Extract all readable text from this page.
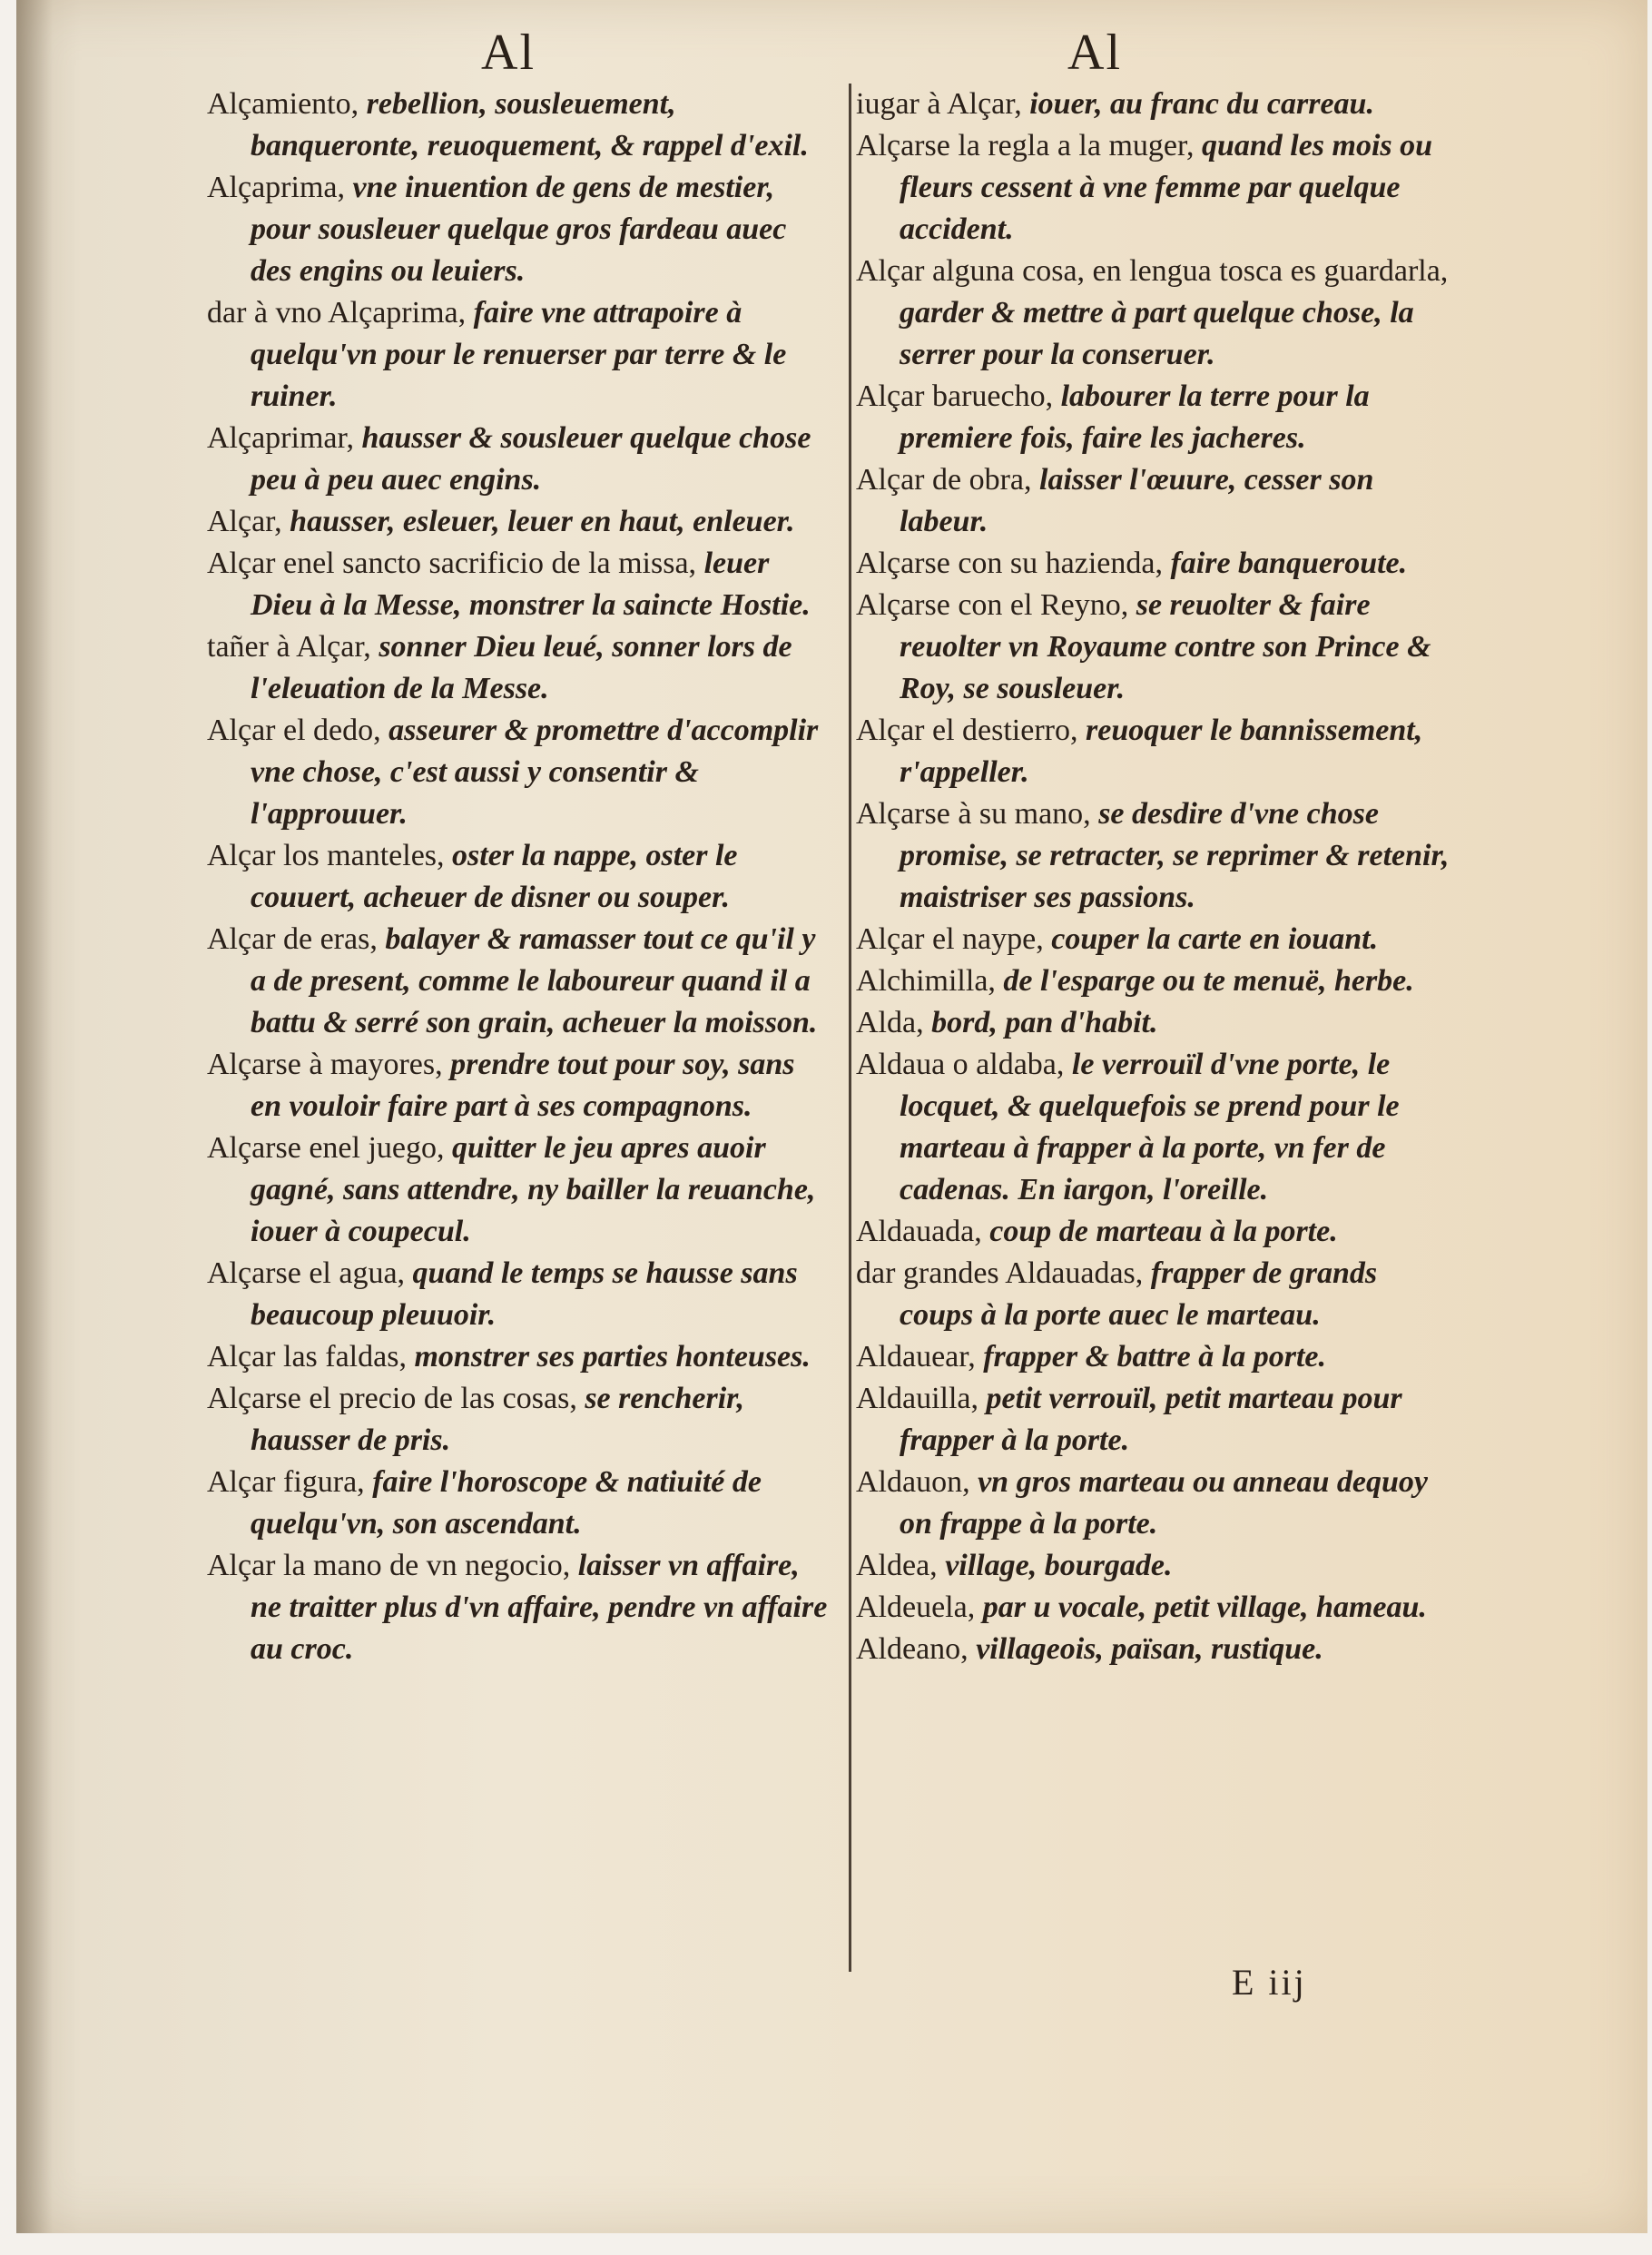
Al	Al

Alçamiento, rebellion, sousleuement, banqueronte, reuoquement, & rappel d'exil.

Alçaprima, vne inuention de gens de mestier, pour sousleuer quelque gros fardeau auec des engins ou leuiers.

dar à vno Alçaprima, faire vne attrapoire à quelqu'vn pour le renuerser par terre & le ruiner.

Alçaprimar, hausser & sousleuer quelque chose peu à peu auec engins.

Alçar, hausser, esleuer, leuer en haut, enleuer.

Alçar enel sancto sacrificio de la missa, leuer Dieu à la Messe, monstrer la saincte Hostie.

tañer à Alçar, sonner Dieu leué, sonner lors de l'eleuation de la Messe.

Alçar el dedo, asseurer & promettre d'accomplir vne chose, c'est aussi y consentir & l'approuuer.

Alçar los manteles, oster la nappe, oster le couuert, acheuer de disner ou souper.

Alçar de eras, balayer & ramasser tout ce qu'il y a de present, comme le laboureur quand il a battu & serré son grain, acheuer la moisson.

Alçarse à mayores, prendre tout pour soy, sans en vouloir faire part à ses compagnons.

Alçarse enel juego, quitter le jeu apres auoir gagné, sans attendre, ny bailler la reuanche, iouer à coupecul.

Alçarse el agua, quand le temps se hausse sans beaucoup pleuuoir.

Alçar las faldas, monstrer ses parties honteuses.

Alçarse el precio de las cosas, se rencherir, hausser de pris.

Alçar figura, faire l'horoscope & natiuité de quelqu'vn, son ascendant.

Alçar la mano de vn negocio, laisser vn affaire, ne traitter plus d'vn affaire, pendre vn affaire au croc.

iugar à Alçar, iouer, au franc du carreau.

Alçarse la regla a la muger, quand les mois ou fleurs cessent à vne femme par quelque accident.

Alçar alguna cosa, en lengua tosca es guardarla, garder & mettre à part quelque chose, la serrer pour la conseruer.

Alçar baruecho, labourer la terre pour la premiere fois, faire les jacheres.

Alçar de obra, laisser l'œuure, cesser son labeur.

Alçarse con su hazienda, faire banqueroute.

Alçarse con el Reyno, se reuolter & faire reuolter vn Royaume contre son Prince & Roy, se sousleuer.

Alçar el destierro, reuoquer le bannissement, r'appeller.

Alçarse à su mano, se desdire d'vne chose promise, se retracter, se reprimer & retenir, maistriser ses passions.

Alçar el naype, couper la carte en iouant.

Alchimilla, de l'esparge ou te menuë, herbe.

Alda, bord, pan d'habit.

Aldaua o aldaba, le verrouïl d'vne porte, le locquet, & quelquefois se prend pour le marteau à frapper à la porte, vn fer de cadenas. En iargon, l'oreille.

Aldauada, coup de marteau à la porte.

dar grandes Aldauadas, frapper de grands coups à la porte auec le marteau.

Aldauear, frapper & battre à la porte.

Aldauilla, petit verrouïl, petit marteau pour frapper à la porte.

Aldauon, vn gros marteau ou anneau dequoy on frappe à la porte.

Aldea, village, bourgade.

Aldeuela, par u vocale, petit village, hameau.

Aldeano, villageois, païsan, rustique.

E iij
